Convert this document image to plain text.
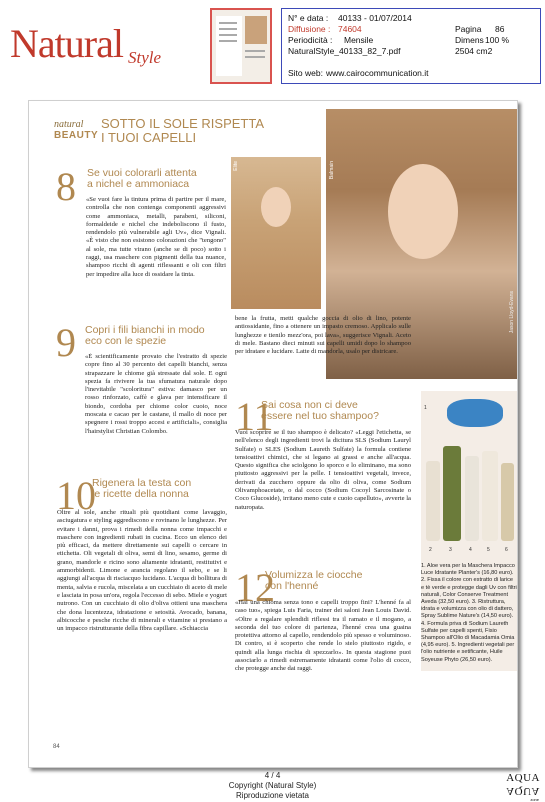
Natural Style
N° e data : 40133 - 01/07/2014
Diffusione : 74604	Pagina 86
Periodicità : Mensile	Dimens 100 %
NaturalStyle_40133_82_7.pdf	2504 cm2
Sito web: www.cairocommunication.it
natural
BEAUTY
SOTTO IL SOLE RISPETTA
I TUOI CAPELLI
Elite	Balmain
Jason Lloyd-Evans
8 Se vuoi colorarli attenta
a nichel e ammoniaca
«Se vuoi fare la tintura prima di partire per il mare, controlla che non contenga componenti aggressivi come ammoniaca, metalli, parabeni, siliconi, formaldeide e nichel che indeboliscono il fusto, rendendolo più vulnerabile agli Uv», dice Vignali. «È visto che non esistono colorazioni che "tengono" al sole, ma tutte virano (anche se di poco) sotto i raggi, usa maschere con pigmenti della tua nuance, shampoo ricchi di agenti riflessanti e oli con filtri per impedire alla luce di ossidare la tinta.
9 Copri i fili bianchi in modo
eco con le spezie
«È scientificamente provato che l'estratto di spezie copre fino al 30 percento dei capelli bianchi, senza strapazzare le chiome già stressate dal sole. E ogni spezia fa rivivere la tua sfumatura naturale dopo l'inevitabile "scoloritura" estiva: damasco per un rosso rinforzato, caffè e glava per intensificare il biondo, cordoba per chiome color cuoio, noce moscata e cacao per le castane, il mallo di noce per spegnere i rossi troppo accesi e artificiali», consiglia l'hairstylist Christian Colombo.
10
Rigenera la testa con
le ricette della nonna
Oltre al sole, anche rituali più quotidiani come lavaggio, asciugatura e styling aggrediscono e rovinano le lunghezze. Per evitare i danni, prova i rimedi della nonna come impacchi e maschere con ingredienti rubati in cucina. Ecco un elenco dei più efficaci, da mettere direttamente sui capelli o cercare in etichetta. Oli vegetali di oliva, semi di lino, sesamo, germe di grano, mandorle e ricino sono altamente idratanti, restitutivi e ammorbidenti. Limone e arancia regolano il sebo, e se li aggiungi all'acqua di risciacquo lucidano. L'acqua di bollitura di menta, salvia e rucola, miscelata a un cucchiaio di aceto di mele e lasciata in posa un'ora, regola l'eccesso di sebo. Miele e yogurt nutrono. Con un cucchiaio di olio d'oliva ottieni una maschera che dona lucentezza, idratazione e setosità. Avocado, banana, albicocche e pesche ricche di minerali e vitamine si prestano a un impacco ristrutturante della fibra capillare. «Schiaccia
bene la frutta, metti qualche goccia di olio di lino, potente antiossidante, fino a ottenere un impasto cremoso. Applicalo sulle lunghezze e tienilo mezz'ora, poi lava», suggerisce Vignali. Aceto di mele. Bastano dieci minuti sui capelli umidi dopo lo shampoo per idratare e lucidare. Latte di mandorla, usalo per districare.
11
Sai cosa non ci deve
essere nel tuo shampoo?
Vuoi scoprire se il tuo shampoo è delicato? «Leggi l'etichetta, se nell'elenco degli ingredienti trovi la dicitura SLS (Sodium Lauryl Sulfate) o SLES (Sodium Laureth Sulfate) la formula contiene tensioattivi chimici, che si legano ai grassi e anche all'acqua. Questo significa che sciolgono lo sporco e lo eliminano, ma sono piuttosto aggressivi per la pelle. I tensioattivi vegetali, invece, derivati da zucchero oppure da olio di oliva, come Sodium Olivamphoacetate, o dal cocco (Sodium Cocoyl Sarcosinate o Coco Glucoside), irritano meno cute e cuoio capelluto», avverte la naturopata.
12
Volumizza le ciocche
con l'henné
«Hai una chioma senza tono e capelli troppo fini? L'henné fa al caso tuo», spiega Luis Faria, trainer dei saloni Jean Louis David. «Oltre a regalare splendidi riflessi tra il ramato e il mogano, a seconda del tuo colore di partenza, l'henné crea una guaina protettiva attorno al capello, rendendolo più spesso e voluminoso. Di contro, si è scoperto che rende lo stelo piuttosto rigido, e quindi alla lunga rischia di spezzarlo». In questa stagione puoi associarlo a rimedi estremamente idratanti come l'olio di cocco, che protegge anche dai raggi.
1
2	3	4	5	6
1. Aloe vera per la Maschera Impacco Luce Idratante Planter's (16,80 euro). 2. Fissa il colore con estratto di larice e tè verde e protegge dagli Uv con filtri naturali, Color Conserve Treatment Aveda (32,50 euro). 3. Ristruttura, idrata e volumizza con olio di dattero, Spray Sublime Nature's (14,50 euro). 4. Formula priva di Sodium Laureth Sulfate per capelli spenti, Fisio Shampoo all'Olio di Macadamia Omia (4,95 euro). 5. Ingredienti vegetali per l'olio nutriente e setificante, Huile Soyeuse Phyto (26,50 euro).
84
4 / 4
Copyright (Natural Style)
Riproduzione vietata
AQUA
AQUA
zone
